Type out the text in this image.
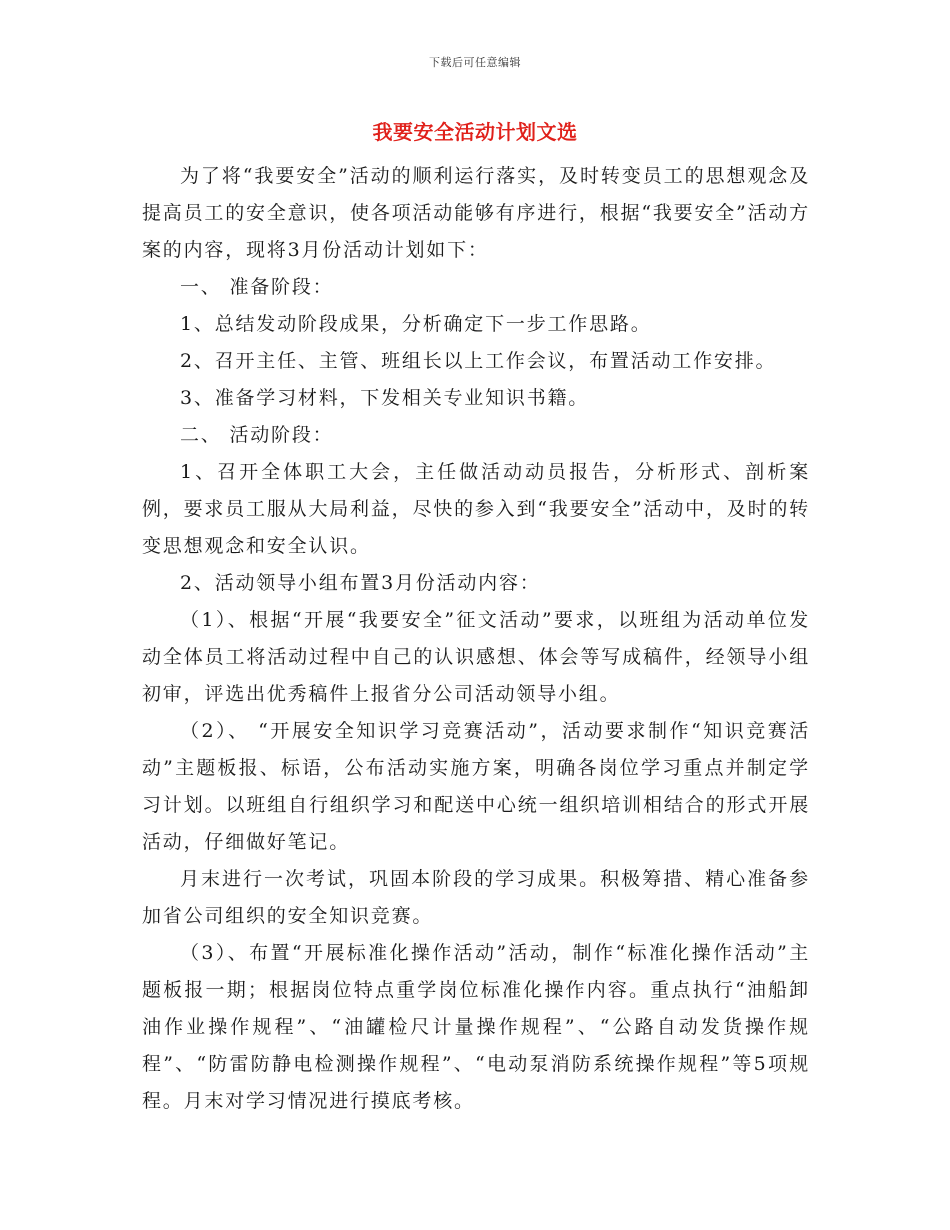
下载后可任意编辑
我要安全活动计划文选

为了将“我要安全”活动的顺利运行落实，及时转变员工的思想观念及提高员工的安全意识，使各项活动能够有序进行，根据“我要安全”活动方案的内容，现将3月份活动计划如下：

一、 准备阶段：

1、总结发动阶段成果，分析确定下一步工作思路。

2、召开主任、主管、班组长以上工作会议，布置活动工作安排。

3、准备学习材料，下发相关专业知识书籍。

二、 活动阶段：

1、召开全体职工大会，主任做活动动员报告，分析形式、剖析案例，要求员工服从大局利益，尽快的参入到“我要安全”活动中，及时的转变思想观念和安全认识。

2、活动领导小组布置3月份活动内容：

（1）、根据“开展“我要安全”征文活动”要求，以班组为活动单位发动全体员工将活动过程中自己的认识感想、体会等写成稿件，经领导小组初审，评选出优秀稿件上报省分公司活动领导小组。

（2）、 “开展安全知识学习竞赛活动”，活动要求制作“知识竞赛活动”主题板报、标语，公布活动实施方案，明确各岗位学习重点并制定学习计划。以班组自行组织学习和配送中心统一组织培训相结合的形式开展活动，仔细做好笔记。

月末进行一次考试，巩固本阶段的学习成果。积极筹措、精心准备参加省公司组织的安全知识竞赛。

（3）、布置“开展标准化操作活动”活动，制作“标准化操作活动”主题板报一期；根据岗位特点重学岗位标准化操作内容。重点执行“油船卸油作业操作规程”、“油罐检尺计量操作规程”、“公路自动发货操作规程”、“防雷防静电检测操作规程”、“电动泵消防系统操作规程”等5项规程。月末对学习情况进行摸底考核。
